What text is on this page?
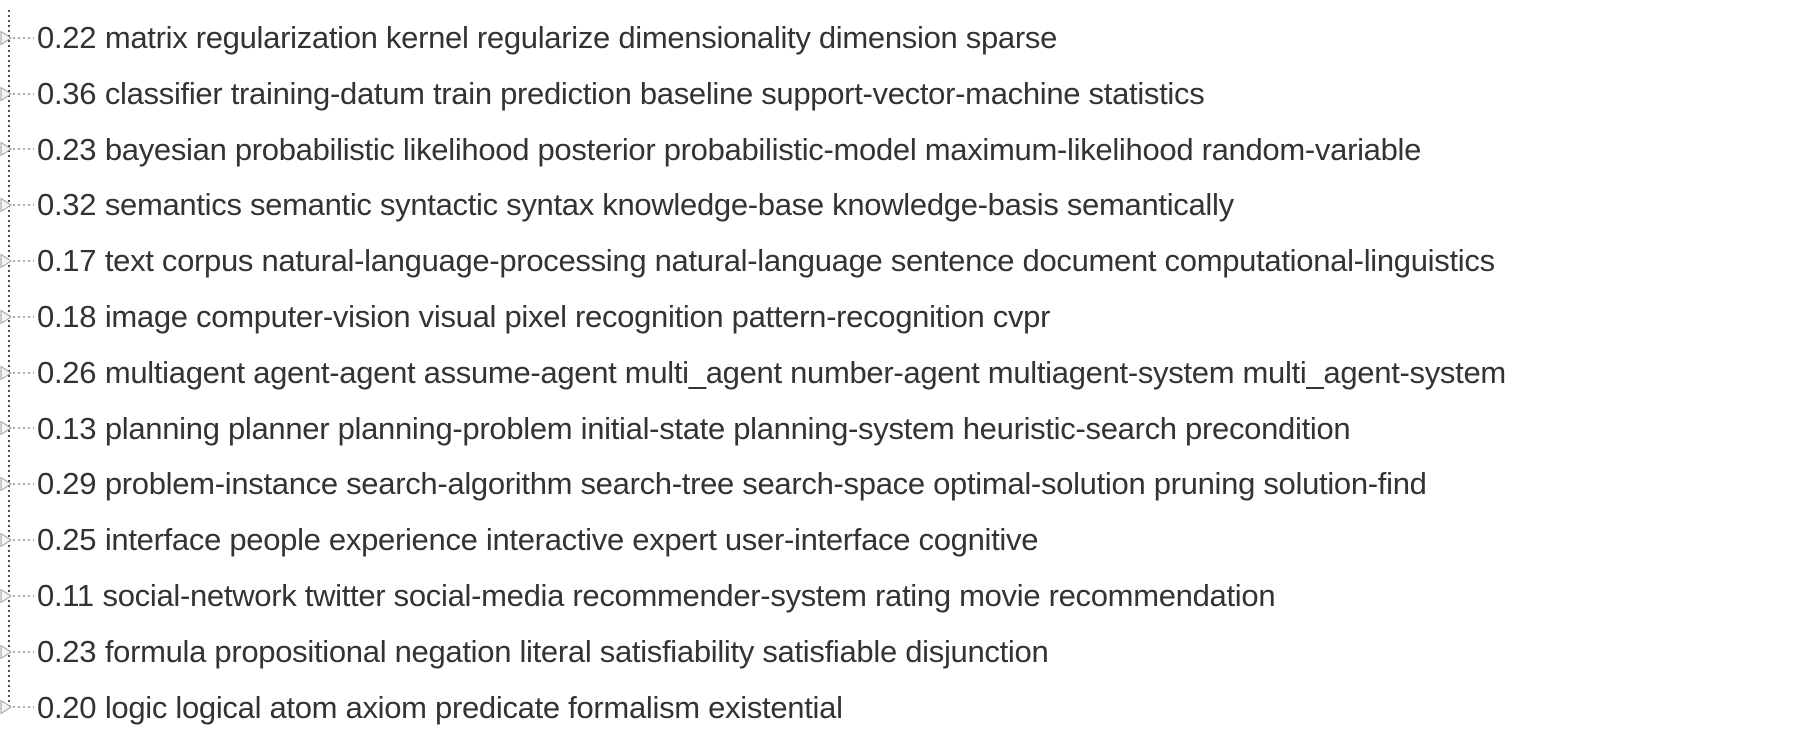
0.22 matrix regularization kernel regularize dimensionality dimension sparse
0.36 classifier training-datum train prediction baseline support-vector-machine statistics
0.23 bayesian probabilistic likelihood posterior probabilistic-model maximum-likelihood random-variable
0.32 semantics semantic syntactic syntax knowledge-base knowledge-basis semantically
0.17 text corpus natural-language-processing natural-language sentence document computational-linguistics
0.18 image computer-vision visual pixel recognition pattern-recognition cvpr
0.26 multiagent agent-agent assume-agent multi_agent number-agent multiagent-system multi_agent-system
0.13 planning planner planning-problem initial-state planning-system heuristic-search precondition
0.29 problem-instance search-algorithm search-tree search-space optimal-solution pruning solution-find
0.25 interface people experience interactive expert user-interface cognitive
0.11 social-network twitter social-media recommender-system rating movie recommendation
0.23 formula propositional negation literal satisfiability satisfiable disjunction
0.20 logic logical atom axiom predicate formalism existential
